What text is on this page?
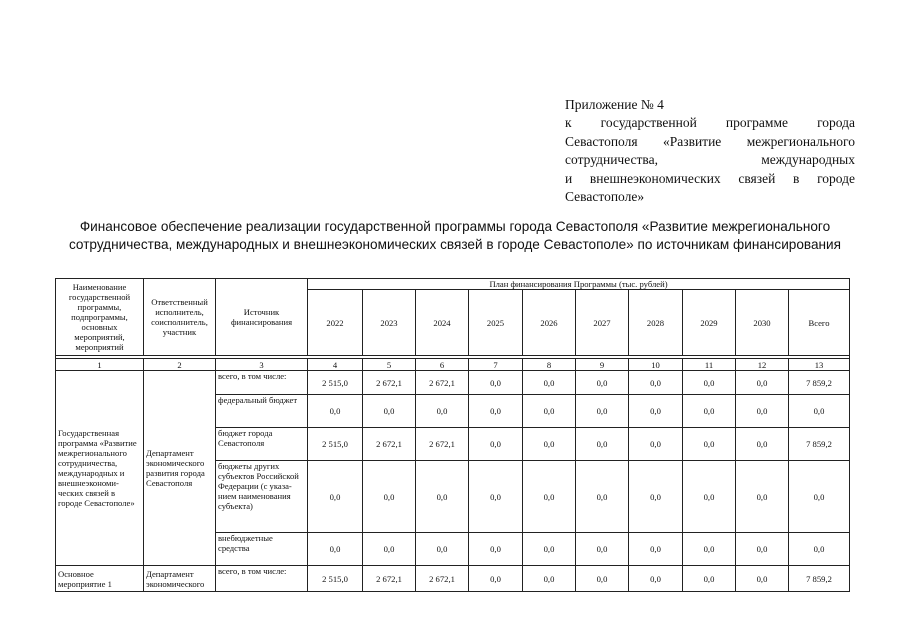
Приложение № 4
к государственной программе города
Севастополя «Развитие межрегионального
сотрудничества,	международных
и внешнеэкономических связей в городе
Севастополе»
Финансовое обеспечение реализации государственной программы города Севастополя «Развитие межрегионального
сотрудничества, международных и внешнеэкономических связей в городе Севастополе» по источникам финансирования
Наименование государственной программы, подпрограммы, основных мероприятий, мероприятий	Ответственный исполнитель, соисполнитель, участник	Источник финансирования	План финансирования Программы (тыс. рублей)									
			2022	2023	2024	2025	2026	2027	2028	2029	2030	Всего

1	2	3	4	5	6	7	8	9	10	11	12	13
Государственная программа «Развитие межрегионального сотрудничества, международных и внешнеэкономи-ческих связей в городе Севастополе»	Департамент экономического развития города Севастополя	всего, в том числе:	2 515,0	2 672,1	2 672,1	0,0	0,0	0,0	0,0	0,0	0,0	7 859,2
		федеральный бюджет	0,0	0,0	0,0	0,0	0,0	0,0	0,0	0,0	0,0	0,0
		бюджет города Севастополя	2 515,0	2 672,1	2 672,1	0,0	0,0	0,0	0,0	0,0	0,0	7 859,2
		бюджеты других субъектов Российской Федерации (с указа-нием наименования субъекта)	0,0	0,0	0,0	0,0	0,0	0,0	0,0	0,0	0,0	0,0
		внебюджетные средства	0,0	0,0	0,0	0,0	0,0	0,0	0,0	0,0	0,0	0,0
Основное мероприятие 1	Департамент экономического	всего, в том числе:	2 515,0	2 672,1	2 672,1	0,0	0,0	0,0	0,0	0,0	0,0	7 859,2
